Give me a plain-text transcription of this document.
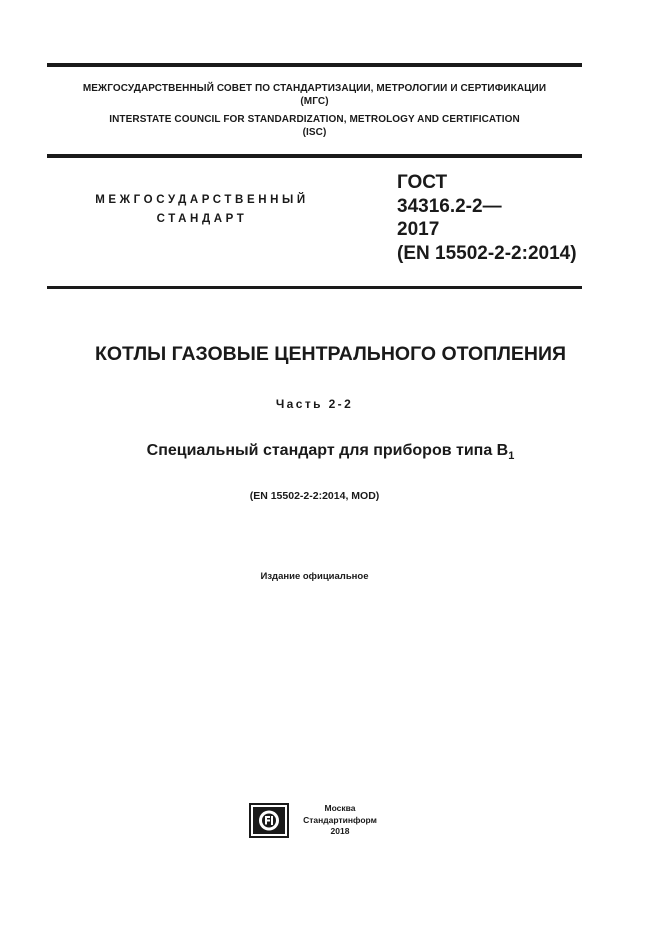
МЕЖГОСУДАРСТВЕННЫЙ СОВЕТ ПО СТАНДАРТИЗАЦИИ, МЕТРОЛОГИИ И СЕРТИФИКАЦИИ
(МГС)
INTERSTATE COUNCIL FOR STANDARDIZATION, METROLOGY AND CERTIFICATION
(ISC)
МЕЖГОСУДАРСТВЕННЫЙ
СТАНДАРТ
ГОСТ
34316.2-2—
2017
(EN 15502-2-2:2014)
КОТЛЫ ГАЗОВЫЕ ЦЕНТРАЛЬНОГО ОТОПЛЕНИЯ
Часть 2-2
Специальный стандарт для приборов типа $B_1$
(EN 15502-2-2:2014, MOD)
Издание официальное
Москва
Стандартинформ
2018
